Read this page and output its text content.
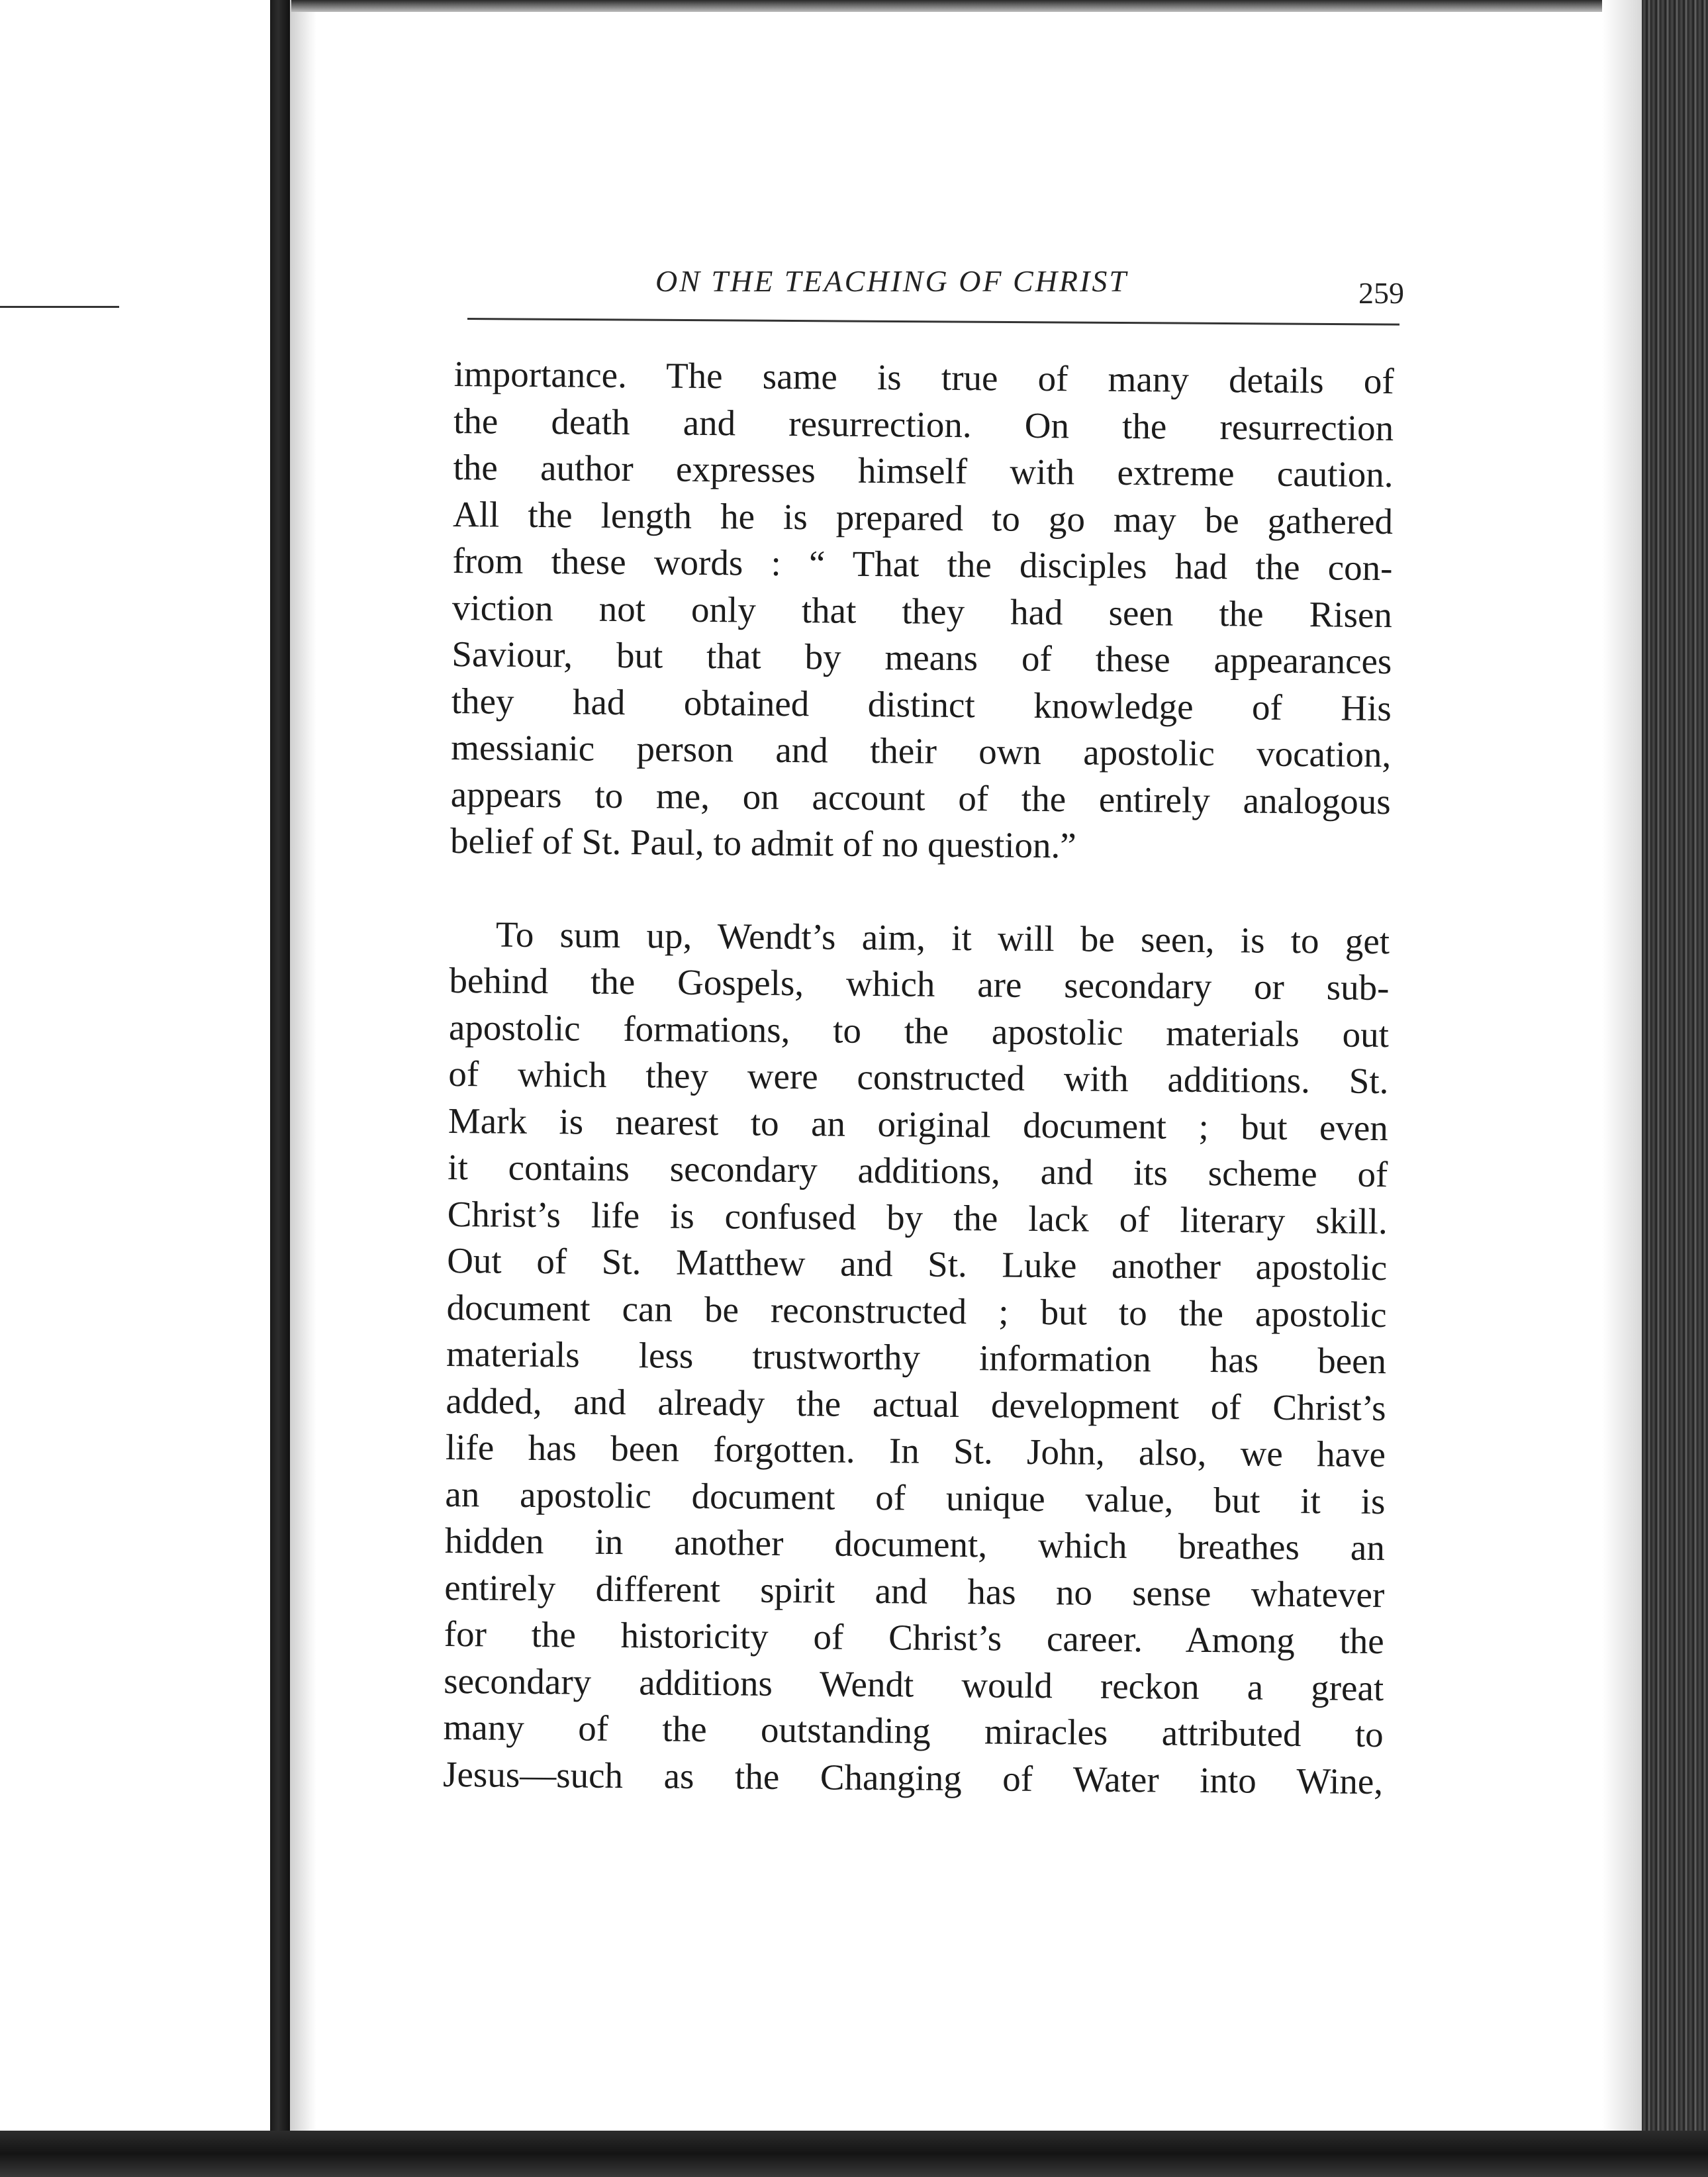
ON THE TEACHING OF CHRIST	259
importance. The same is true of many details of
the death and resurrection. On the resurrection
the author expresses himself with extreme caution.
All the length he is prepared to go may be gathered
from these words : “ That the disciples had the con-
viction not only that they had seen the Risen
Saviour, but that by means of these appearances
they had obtained distinct knowledge of His
messianic person and their own apostolic vocation,
appears to me, on account of the entirely analogous
belief of St. Paul, to admit of no question.”
To sum up, Wendt’s aim, it will be seen, is to get
behind the Gospels, which are secondary or sub-
apostolic formations, to the apostolic materials out
of which they were constructed with additions. St.
Mark is nearest to an original document ; but even
it contains secondary additions, and its scheme of
Christ’s life is confused by the lack of literary skill.
Out of St. Matthew and St. Luke another apostolic
document can be reconstructed ; but to the apostolic
materials less trustworthy information has been
added, and already the actual development of Christ’s
life has been forgotten. In St. John, also, we have
an apostolic document of unique value, but it is
hidden in another document, which breathes an
entirely different spirit and has no sense whatever
for the historicity of Christ’s career. Among the
secondary additions Wendt would reckon a great
many of the outstanding miracles attributed to
Jesus—such as the Changing of Water into Wine,
